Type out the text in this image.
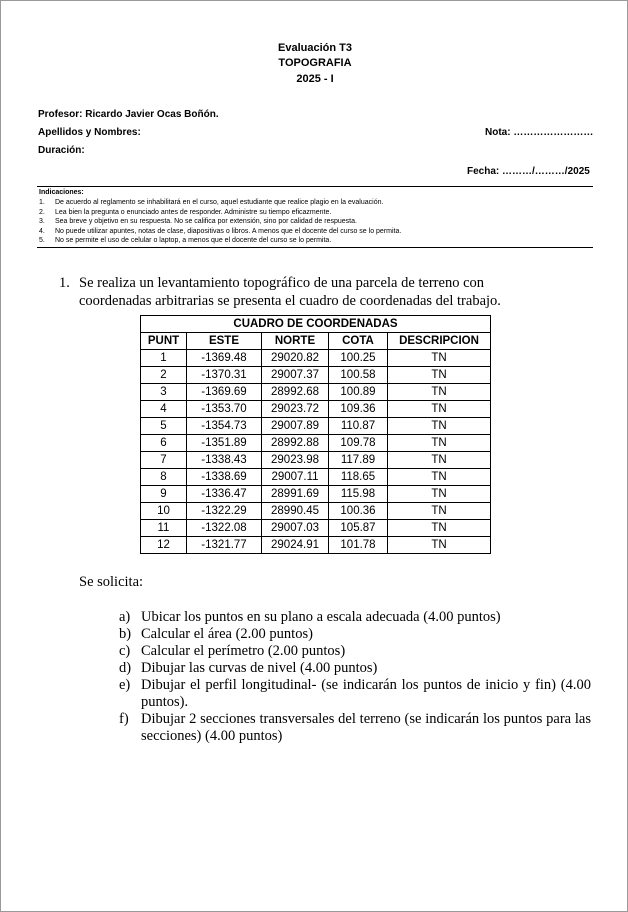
Evaluación T3
TOPOGRAFIA
2025 - I
Profesor: Ricardo Javier Ocas Boñón.
Apellidos y Nombres:	Nota: ……………………
Duración:
Fecha: ………/………/2025
Indicaciones:
1. De acuerdo al reglamento se inhabilitará en el curso, aquel estudiante que realice plagio en la evaluación.
2. Lea bien la pregunta o enunciado antes de responder. Administre su tiempo eficazmente.
3. Sea breve y objetivo en su respuesta. No se califica por extensión, sino por calidad de respuesta.
4. No puede utilizar apuntes, notas de clase, diapositivas o libros. A menos que el docente del curso se lo permita.
5. No se permite el uso de celular o laptop, a menos que el docente del curso se lo permita.
1. Se realiza un levantamiento topográfico de una parcela de terreno con coordenadas arbitrarias se presenta el cuadro de coordenadas del trabajo.
CUADRO DE COORDENADAS				
PUNT	ESTE	NORTE	COTA	DESCRIPCION
1	-1369.48	29020.82	100.25	TN
2	-1370.31	29007.37	100.58	TN
3	-1369.69	28992.68	100.89	TN
4	-1353.70	29023.72	109.36	TN
5	-1354.73	29007.89	110.87	TN
6	-1351.89	28992.88	109.78	TN
7	-1338.43	29023.98	117.89	TN
8	-1338.69	29007.11	118.65	TN
9	-1336.47	28991.69	115.98	TN
10	-1322.29	28990.45	100.36	TN
11	-1322.08	29007.03	105.87	TN
12	-1321.77	29024.91	101.78	TN
Se solicita:
a) Ubicar los puntos en su plano a escala adecuada (4.00 puntos)
b) Calcular el área (2.00 puntos)
c) Calcular el perímetro (2.00 puntos)
d) Dibujar las curvas de nivel (4.00 puntos)
e) Dibujar el perfil longitudinal- (se indicarán los puntos de inicio y fin) (4.00 puntos).
f) Dibujar 2 secciones transversales del terreno (se indicarán los puntos para las secciones) (4.00 puntos)
